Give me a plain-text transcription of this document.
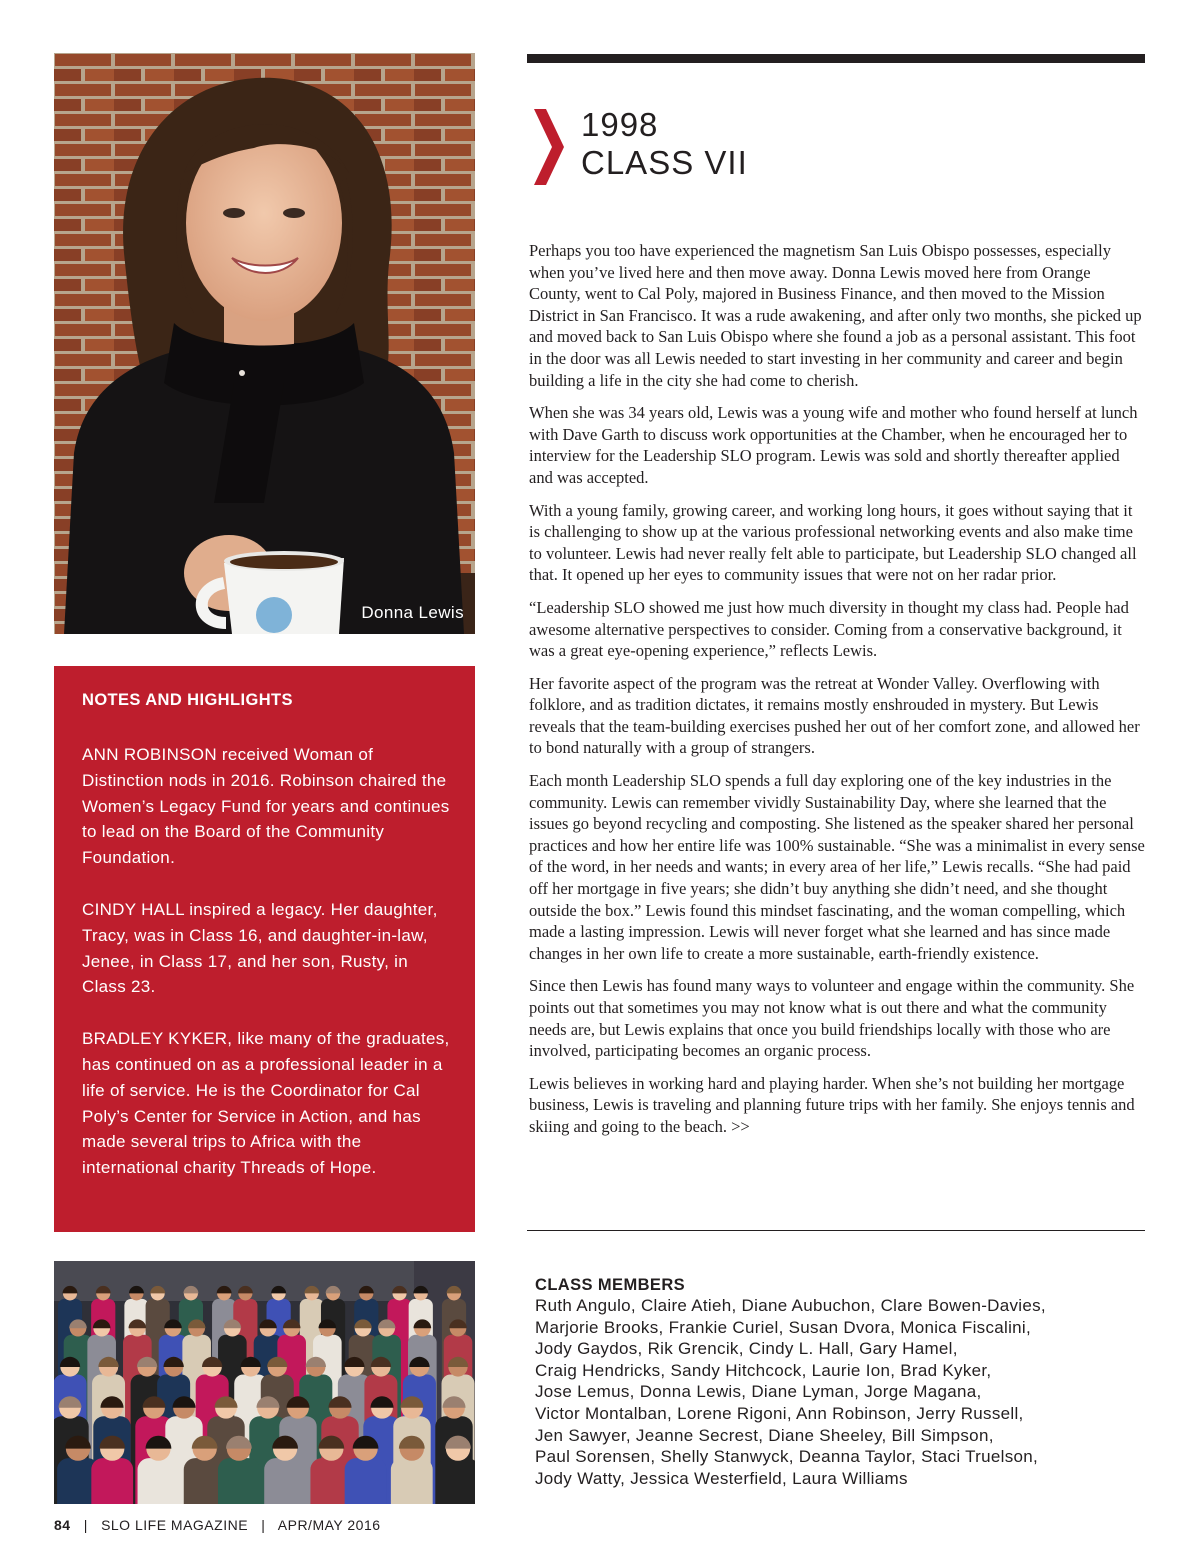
Donna Lewis
NOTES AND HIGHLIGHTS

ANN ROBINSON received Woman of Distinction nods in 2016. Robinson chaired the Women’s Legacy Fund for years and continues to lead on the Board of the Community Foundation.

CINDY HALL inspired a legacy. Her daughter, Tracy, was in Class 16, and daughter-in-law, Jenee, in Class 17, and her son, Rusty, in Class 23.

BRADLEY KYKER, like many of the graduates, has continued on as a professional leader in a life of service. He is the Coordinator for Cal Poly’s Center for Service in Action, and has made several trips to Africa with the international charity Threads of Hope.

1998
CLASS VII

Perhaps you too have experienced the magnetism San Luis Obispo possesses, especially when you’ve lived here and then move away. Donna Lewis moved here from Orange County, went to Cal Poly, majored in Business Finance, and then moved to the Mission District in San Francisco. It was a rude awakening, and after only two months, she picked up and moved back to San Luis Obispo where she found a job as a personal assistant. This foot in the door was all Lewis needed to start investing in her community and career and begin building a life in the city she had come to cherish.

When she was 34 years old, Lewis was a young wife and mother who found herself at lunch with Dave Garth to discuss work opportunities at the Chamber, when he encouraged her to interview for the Leadership SLO program. Lewis was sold and shortly thereafter applied and was accepted.

With a young family, growing career, and working long hours, it goes without saying that it is challenging to show up at the various professional networking events and also make time to volunteer. Lewis had never really felt able to participate, but Leadership SLO changed all that. It opened up her eyes to community issues that were not on her radar prior.

“Leadership SLO showed me just how much diversity in thought my class had. People had awesome alternative perspectives to consider. Coming from a conservative background, it was a great eye-opening experience,” reflects Lewis.

Her favorite aspect of the program was the retreat at Wonder Valley. Overflowing with folklore, and as tradition dictates, it remains mostly enshrouded in mystery. But Lewis reveals that the team-building exercises pushed her out of her comfort zone, and allowed her to bond naturally with a group of strangers.

Each month Leadership SLO spends a full day exploring one of the key industries in the community. Lewis can remember vividly Sustainability Day, where she learned that the issues go beyond recycling and composting. She listened as the speaker shared her personal practices and how her entire life was 100% sustainable. “She was a minimalist in every sense of the word, in her needs and wants; in every area of her life,” Lewis recalls. “She had paid off her mortgage in five years; she didn’t buy anything she didn’t need, and she thought outside the box.” Lewis found this mindset fascinating, and the woman compelling, which made a lasting impression. Lewis will never forget what she learned and has since made changes in her own life to create a more sustainable, earth-friendly existence.

Since then Lewis has found many ways to volunteer and engage within the community. She points out that sometimes you may not know what is out there and what the community needs are, but Lewis explains that once you build friendships locally with those who are involved, participating becomes an organic process.

Lewis believes in working hard and playing harder. When she’s not building her mortgage business, Lewis is traveling and planning future trips with her family. She enjoys tennis and skiing and going to the beach. >>

CLASS MEMBERS

Ruth Angulo, Claire Atieh, Diane Aubuchon, Clare Bowen-Davies,

Marjorie Brooks, Frankie Curiel, Susan Dvora, Monica Fiscalini,

Jody Gaydos, Rik Grencik, Cindy L. Hall, Gary Hamel,

Craig Hendricks, Sandy Hitchcock, Laurie Ion, Brad Kyker,

Jose Lemus, Donna Lewis, Diane Lyman, Jorge Magana,

Victor Montalban, Lorene Rigoni, Ann Robinson, Jerry Russell,

Jen Sawyer, Jeanne Secrest, Diane Sheeley, Bill Simpson,

Paul Sorensen, Shelly Stanwyck, Deanna Taylor, Staci Truelson,

Jody Watty, Jessica Westerfield, Laura Williams

84 | SLO LIFE MAGAZINE | APR/MAY 2016
